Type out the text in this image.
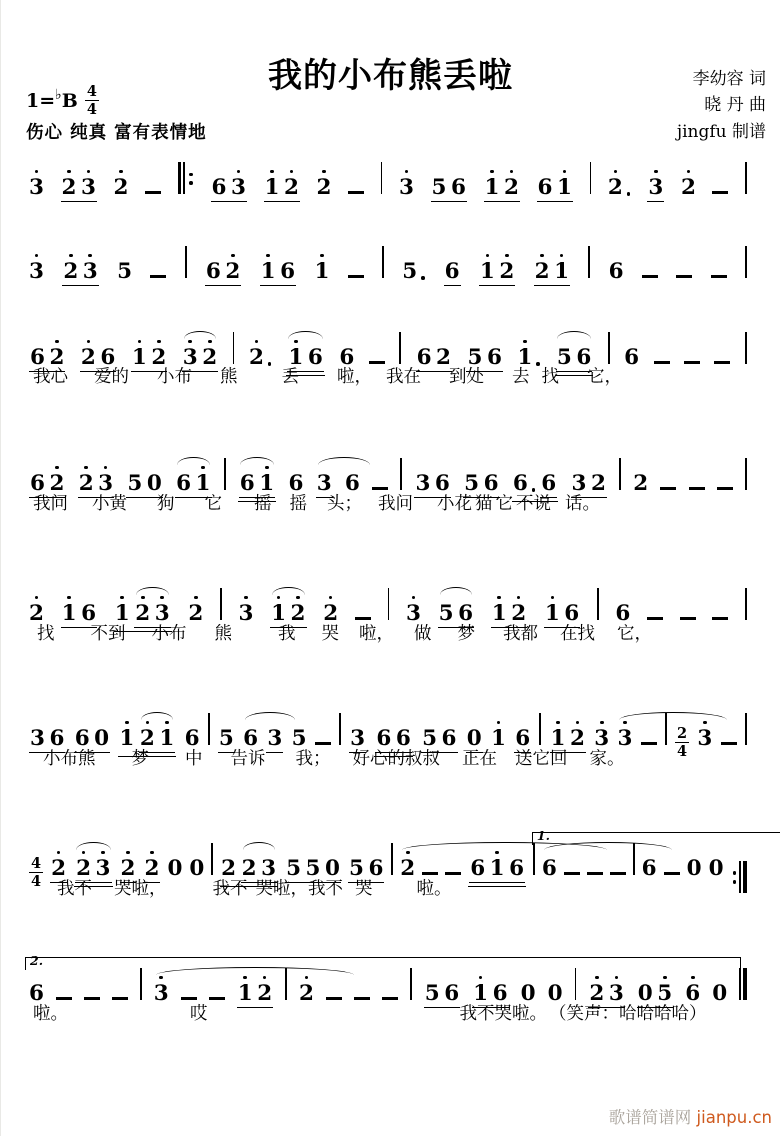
我的小布熊丢啦	李幼容 词
晓 丹 曲
jingfu 制谱
1= ♭ B $\frac{4}{4}$
伤心 纯真 富有表情地
3 2 3 2	6 3 1 2 2	3 5 6 1 2 6 1 2 3 2
3 2 3 5	6 2 1 6 1	5 6 1 2 2 1 6
6 2 2 6 1 2 3 2 2 1 6 6	6 2 5 6 1 5 6 6
我心 爱的 小布 熊	丢 啦， 我在 到处 去 找 它，
6 2 2 3 5 0 6 1 6 1 6 3 6	3 6 5 6 6 6 3 2 2
我问 小黄 狗 它 摇 摇 头； 我问 小花 猫 它 不说 话。
2 1 6 1 2 3 2 3 1 2 2	3 5 6 1 2 1 6 6
找 不到 小布 熊	我 哭 啦， 做 梦 我都 在找 它，
3 6 6 0 1 2 1 6 5 6 3 5 3 6 6 5 6 0 1 6 1 2 3 3	$\frac{2}{4} 3$
小布熊 梦 中 告诉 我； 好心的叔叔 正在 送它回 家。
$\frac{4}{4} 2$ 2 3 2 2 0 0 2 2 3 5 5 0 5 6 2	6 1 6 6
1.
6 0 0
我不 哭啦，	我不 哭啦，我不 哭	啦。
6
2.
3	1 2 2	5 6 1 6 0 0 2 3 0 5 6 0
啦。	哎	我不哭啦。 （笑声：哈哈哈哈）
歌谱简谱网 jianpu.cn
